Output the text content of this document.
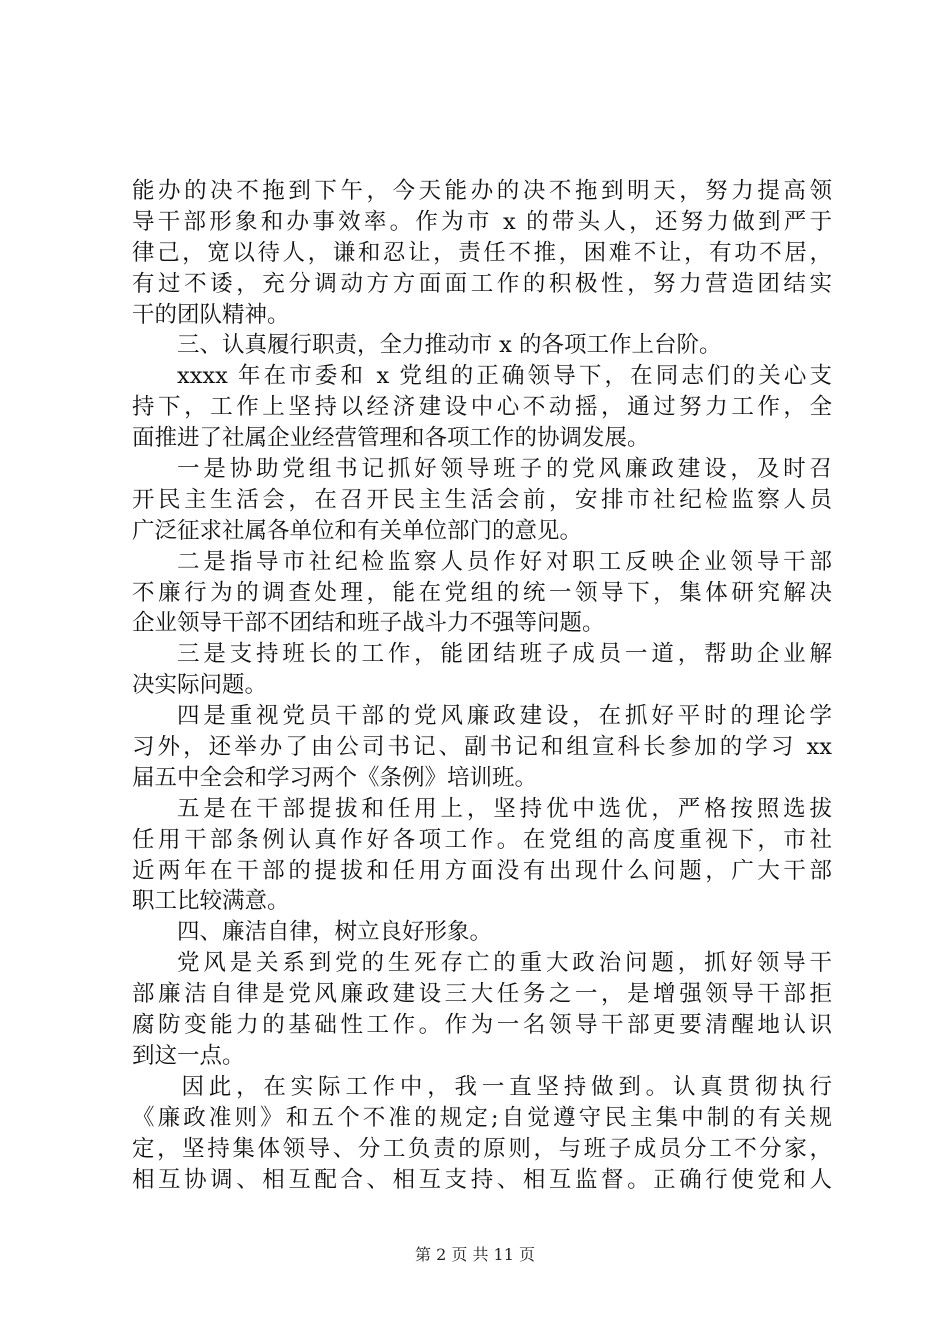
能办的决不拖到下午，今天能办的决不拖到明天，努力提高领
导干部形象和办事效率。作为市 x 的带头人，还努力做到严于
律己，宽以待人，谦和忍让，责任不推，困难不让，有功不居，
有过不诿，充分调动方方面面工作的积极性，努力营造团结实
干的团队精神。
三、认真履行职责，全力推动市 x 的各项工作上台阶。
xxxx 年在市委和 x 党组的正确领导下，在同志们的关心支
持下，工作上坚持以经济建设中心不动摇，通过努力工作，全
面推进了社属企业经营管理和各项工作的协调发展。
一是协助党组书记抓好领导班子的党风廉政建设，及时召
开民主生活会，在召开民主生活会前，安排市社纪检监察人员
广泛征求社属各单位和有关单位部门的意见。
二是指导市社纪检监察人员作好对职工反映企业领导干部
不廉行为的调查处理，能在党组的统一领导下，集体研究解决
企业领导干部不团结和班子战斗力不强等问题。
三是支持班长的工作，能团结班子成员一道，帮助企业解
决实际问题。
四是重视党员干部的党风廉政建设，在抓好平时的理论学
习外，还举办了由公司书记、副书记和组宣科长参加的学习 xx
届五中全会和学习两个《条例》培训班。
五是在干部提拔和任用上，坚持优中选优，严格按照选拔
任用干部条例认真作好各项工作。在党组的高度重视下，市社
近两年在干部的提拔和任用方面没有出现什么问题，广大干部
职工比较满意。
四、廉洁自律，树立良好形象。
党风是关系到党的生死存亡的重大政治问题，抓好领导干
部廉洁自律是党风廉政建设三大任务之一，是增强领导干部拒
腐防变能力的基础性工作。作为一名领导干部更要清醒地认识
到这一点。
因此，在实际工作中，我一直坚持做到。认真贯彻执行
《廉政准则》和五个不准的规定;自觉遵守民主集中制的有关规
定，坚持集体领导、分工负责的原则，与班子成员分工不分家，
相互协调、相互配合、相互支持、相互监督。正确行使党和人
第 2 页 共 11 页
